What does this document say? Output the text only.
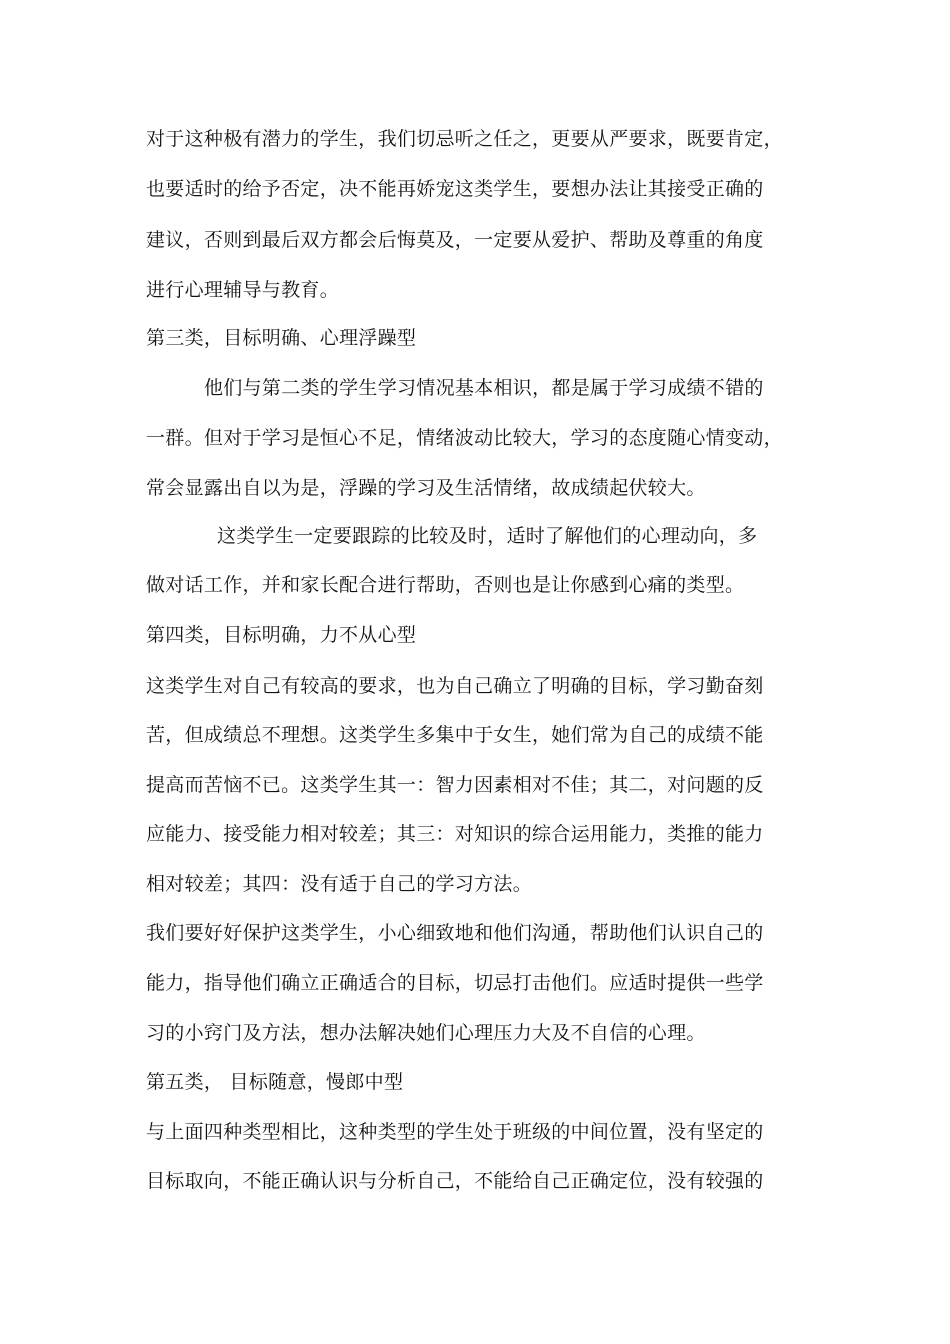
对于这种极有潜力的学生，我们切忌听之任之，更要从严要求，既要肯定，
也要适时的给予否定，决不能再娇宠这类学生，要想办法让其接受正确的
建议，否则到最后双方都会后悔莫及，一定要从爱护、帮助及尊重的角度
进行心理辅导与教育。
第三类，目标明确、心理浮躁型
他们与第二类的学生学习情况基本相识，都是属于学习成绩不错的
一群。但对于学习是恒心不足，情绪波动比较大，学习的态度随心情变动，
常会显露出自以为是，浮躁的学习及生活情绪，故成绩起伏较大。
这类学生一定要跟踪的比较及时，适时了解他们的心理动向，多
做对话工作，并和家长配合进行帮助，否则也是让你感到心痛的类型。
第四类，目标明确，力不从心型
这类学生对自己有较高的要求，也为自己确立了明确的目标，学习勤奋刻
苦，但成绩总不理想。这类学生多集中于女生，她们常为自己的成绩不能
提高而苦恼不已。这类学生其一：智力因素相对不佳；其二，对问题的反
应能力、接受能力相对较差；其三：对知识的综合运用能力，类推的能力
相对较差；其四：没有适于自己的学习方法。
我们要好好保护这类学生，小心细致地和他们沟通，帮助他们认识自己的
能力，指导他们确立正确适合的目标，切忌打击他们。应适时提供一些学
习的小窍门及方法，想办法解决她们心理压力大及不自信的心理。
第五类， 目标随意，慢郎中型
与上面四种类型相比，这种类型的学生处于班级的中间位置，没有坚定的
目标取向，不能正确认识与分析自己，不能给自己正确定位，没有较强的
